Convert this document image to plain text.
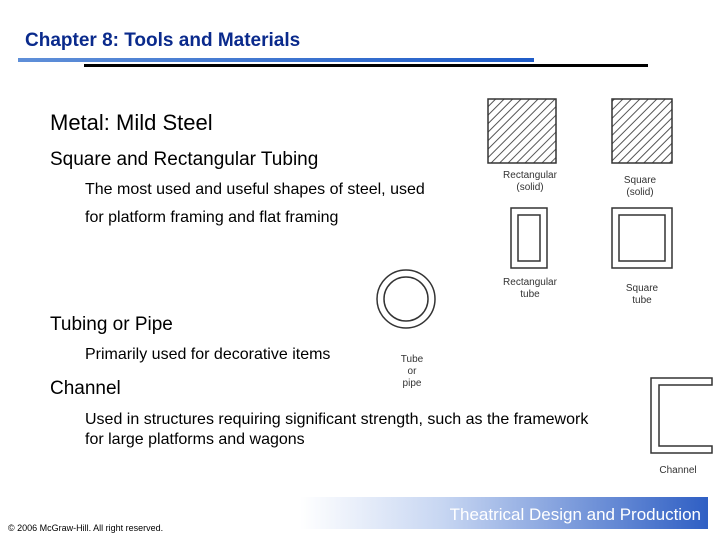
Chapter 8: Tools and Materials
Metal: Mild Steel
Square and Rectangular Tubing
The most used and useful shapes of steel, used
for platform framing and flat framing
Tubing or Pipe
Primarily used for decorative items
Channel
Used in structures requiring significant strength, such as the framework
for large platforms and wagons
Rectangular
(solid)
Square
(solid)
Rectangular
tube
Square
tube
Tube
or
pipe
Channel
Theatrical Design and Production
© 2006 McGraw-Hill. All right reserved.
